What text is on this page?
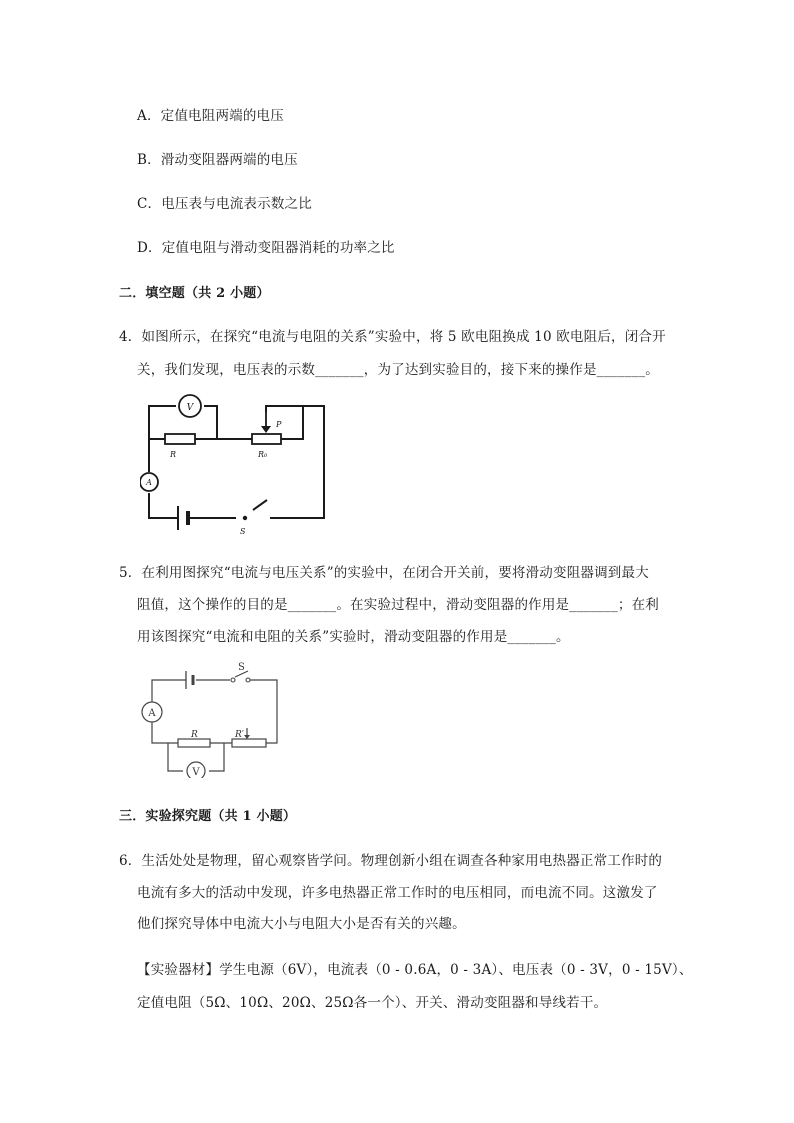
A．定值电阻两端的电压
B．滑动变阻器两端的电压
C．电压表与电流表示数之比
D．定值电阻与滑动变阻器消耗的功率之比
二．填空题（共 2 小题）
4．如图所示，在探究“电流与电阻的关系”实验中，将 5 欧电阻换成 10 欧电阻后，闭合开
关，我们发现，电压表的示数_______，为了达到实验目的，接下来的操作是_______。
V
R
P
R₀
A
S
5．在利用图探究“电流与电压关系”的实验中，在闭合开关前，要将滑动变阻器调到最大
阻值，这个操作的目的是_______。在实验过程中，滑动变阻器的作用是_______；在利
用该图探究“电流和电阻的关系”实验时，滑动变阻器的作用是_______。
S
A
R	R′
V
三．实验探究题（共 1 小题）
6．生活处处是物理，留心观察皆学问。物理创新小组在调查各种家用电热器正常工作时的
电流有多大的活动中发现，许多电热器正常工作时的电压相同，而电流不同。这激发了
他们探究导体中电流大小与电阻大小是否有关的兴趣。
【实验器材】学生电源（6V），电流表（0 - 0.6A，0 - 3A）、电压表（0 - 3V，0 - 15V）、
定值电阻（5Ω、10Ω、20Ω、25Ω各一个）、开关、滑动变阻器和导线若干。
